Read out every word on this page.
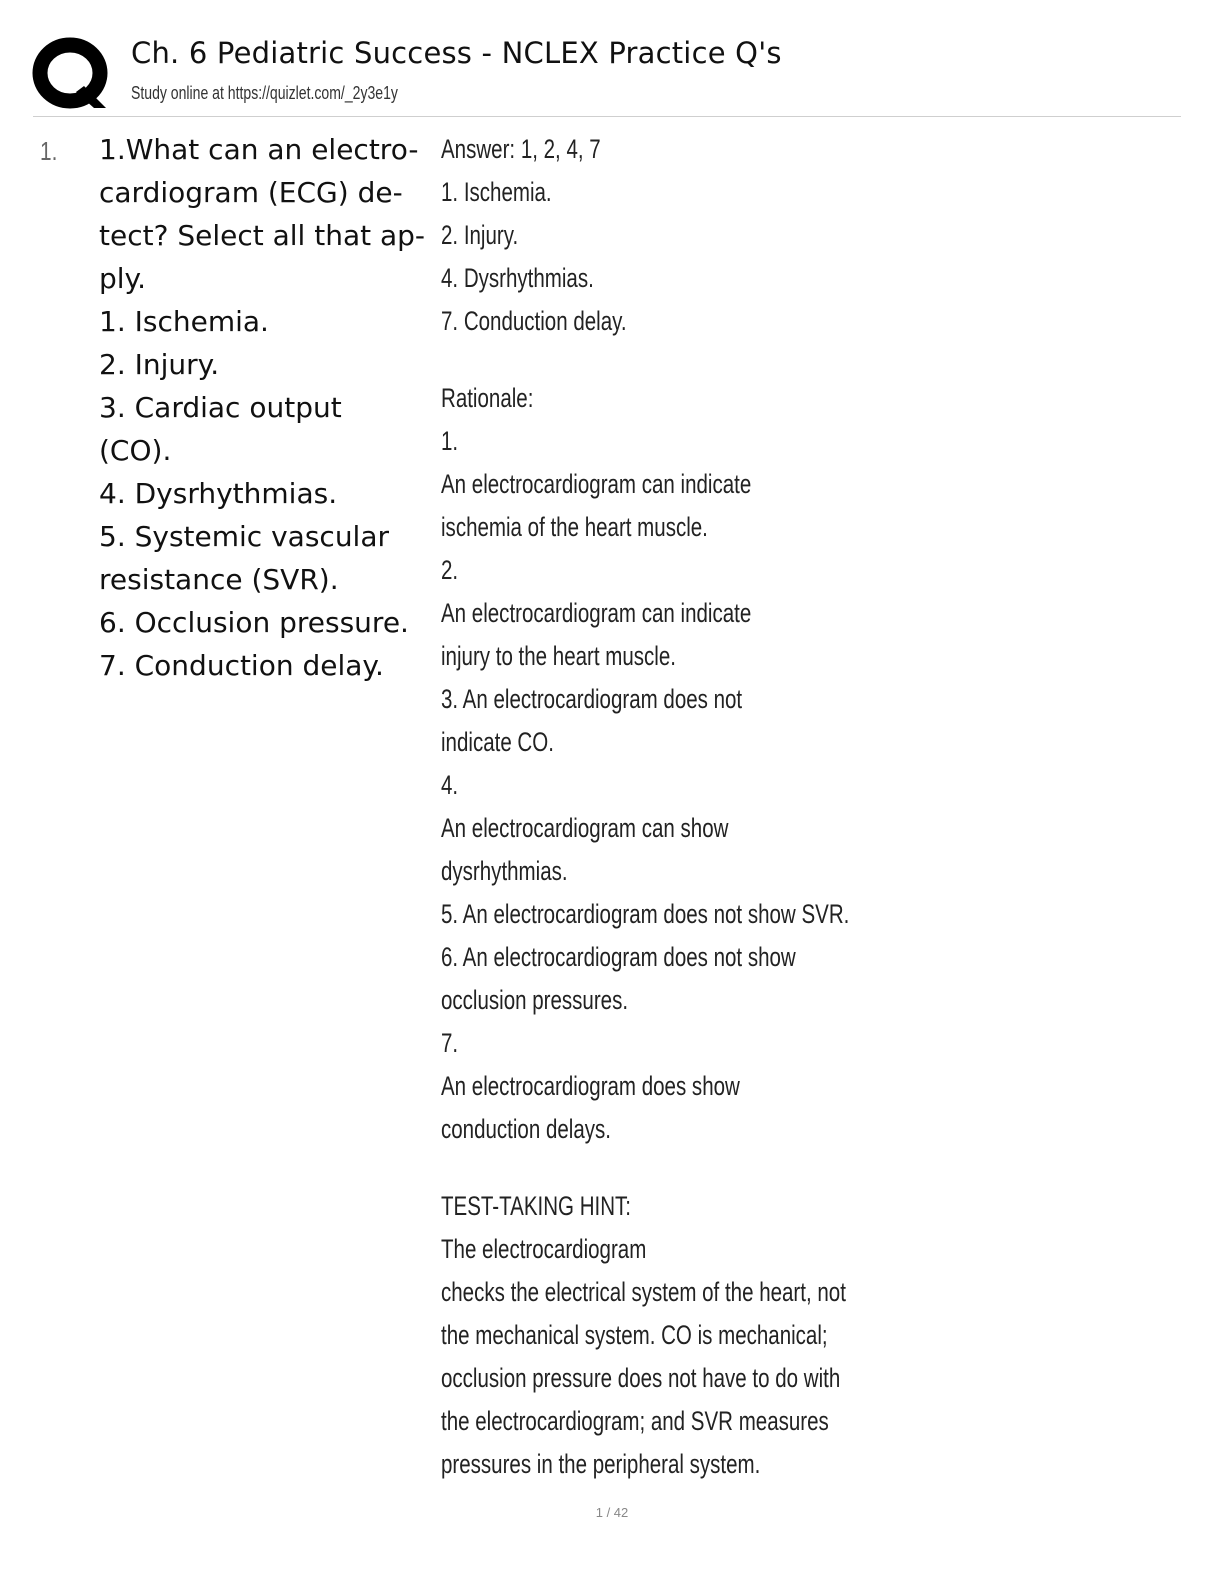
Ch. 6 Pediatric Success - NCLEX Practice Q's
Study online at https://quizlet.com/_2y3e1y
1. 1.What can an electro-
cardiogram (ECG) de-
tect? Select all that ap-
ply.
1. Ischemia.
2. Injury.
3. Cardiac output
(CO).
4. Dysrhythmias.
5. Systemic vascular
resistance (SVR).
6. Occlusion pressure.
7. Conduction delay.
Answer: 1, 2, 4, 7
1. Ischemia.
2. Injury.
4. Dysrhythmias.
7. Conduction delay.
Rationale:
1.
An electrocardiogram can indicate
ischemia of the heart muscle.
2.
An electrocardiogram can indicate
injury to the heart muscle.
3. An electrocardiogram does not
indicate CO.
4.
An electrocardiogram can show
dysrhythmias.
5. An electrocardiogram does not show SVR.
6. An electrocardiogram does not show
occlusion pressures.
7.
An electrocardiogram does show
conduction delays.
TEST-TAKING HINT:
The electrocardiogram
checks the electrical system of the heart, not
the mechanical system. CO is mechanical;
occlusion pressure does not have to do with
the electrocardiogram; and SVR measures
pressures in the peripheral system.
1 / 42
